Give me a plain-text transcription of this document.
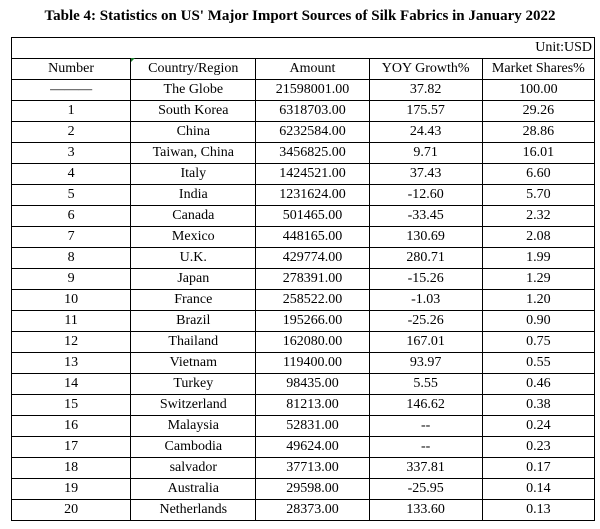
Table 4: Statistics on US' Major Import Sources of Silk Fabrics in January 2022
Unit:USD				
Number	Country/Region	Amount	YOY Growth%	Market Shares%
———	The Globe	21598001.00	37.82	100.00
1	South Korea	6318703.00	175.57	29.26
2	China	6232584.00	24.43	28.86
3	Taiwan, China	3456825.00	9.71	16.01
4	Italy	1424521.00	37.43	6.60
5	India	1231624.00	-12.60	5.70
6	Canada	501465.00	-33.45	2.32
7	Mexico	448165.00	130.69	2.08
8	U.K.	429774.00	280.71	1.99
9	Japan	278391.00	-15.26	1.29
10	France	258522.00	-1.03	1.20
11	Brazil	195266.00	-25.26	0.90
12	Thailand	162080.00	167.01	0.75
13	Vietnam	119400.00	93.97	0.55
14	Turkey	98435.00	5.55	0.46
15	Switzerland	81213.00	146.62	0.38
16	Malaysia	52831.00	--	0.24
17	Cambodia	49624.00	--	0.23
18	salvador	37713.00	337.81	0.17
19	Australia	29598.00	-25.95	0.14
20	Netherlands	28373.00	133.60	0.13
